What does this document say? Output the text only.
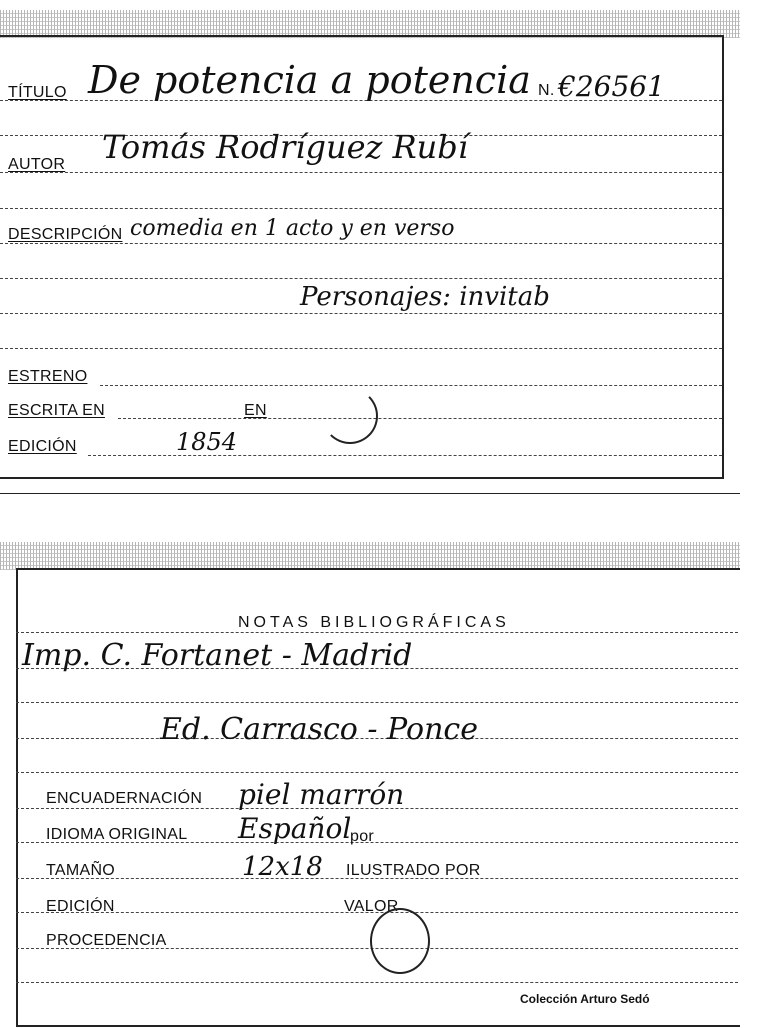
TÍTULO De potencia a potencia N. €26561
AUTOR Tomás Rodríguez Rubí
DESCRIPCIÓN comedia en 1 acto y en verso
Personajes: invitab
ESTRENO
ESCRITA EN	EN
EDICIÓN	1854
NOTAS BIBLIOGRÁFICAS
Imp. C. Fortanet - Madrid
Ed. Carrasco - Ponce
ENCUADERNACIÓN piel marrón
IDIOMA ORIGINAL Español
por
TAMAÑO	12x18 ILUSTRADO POR
EDICIÓN	VALOR
PROCEDENCIA
Colección Arturo Sedó
